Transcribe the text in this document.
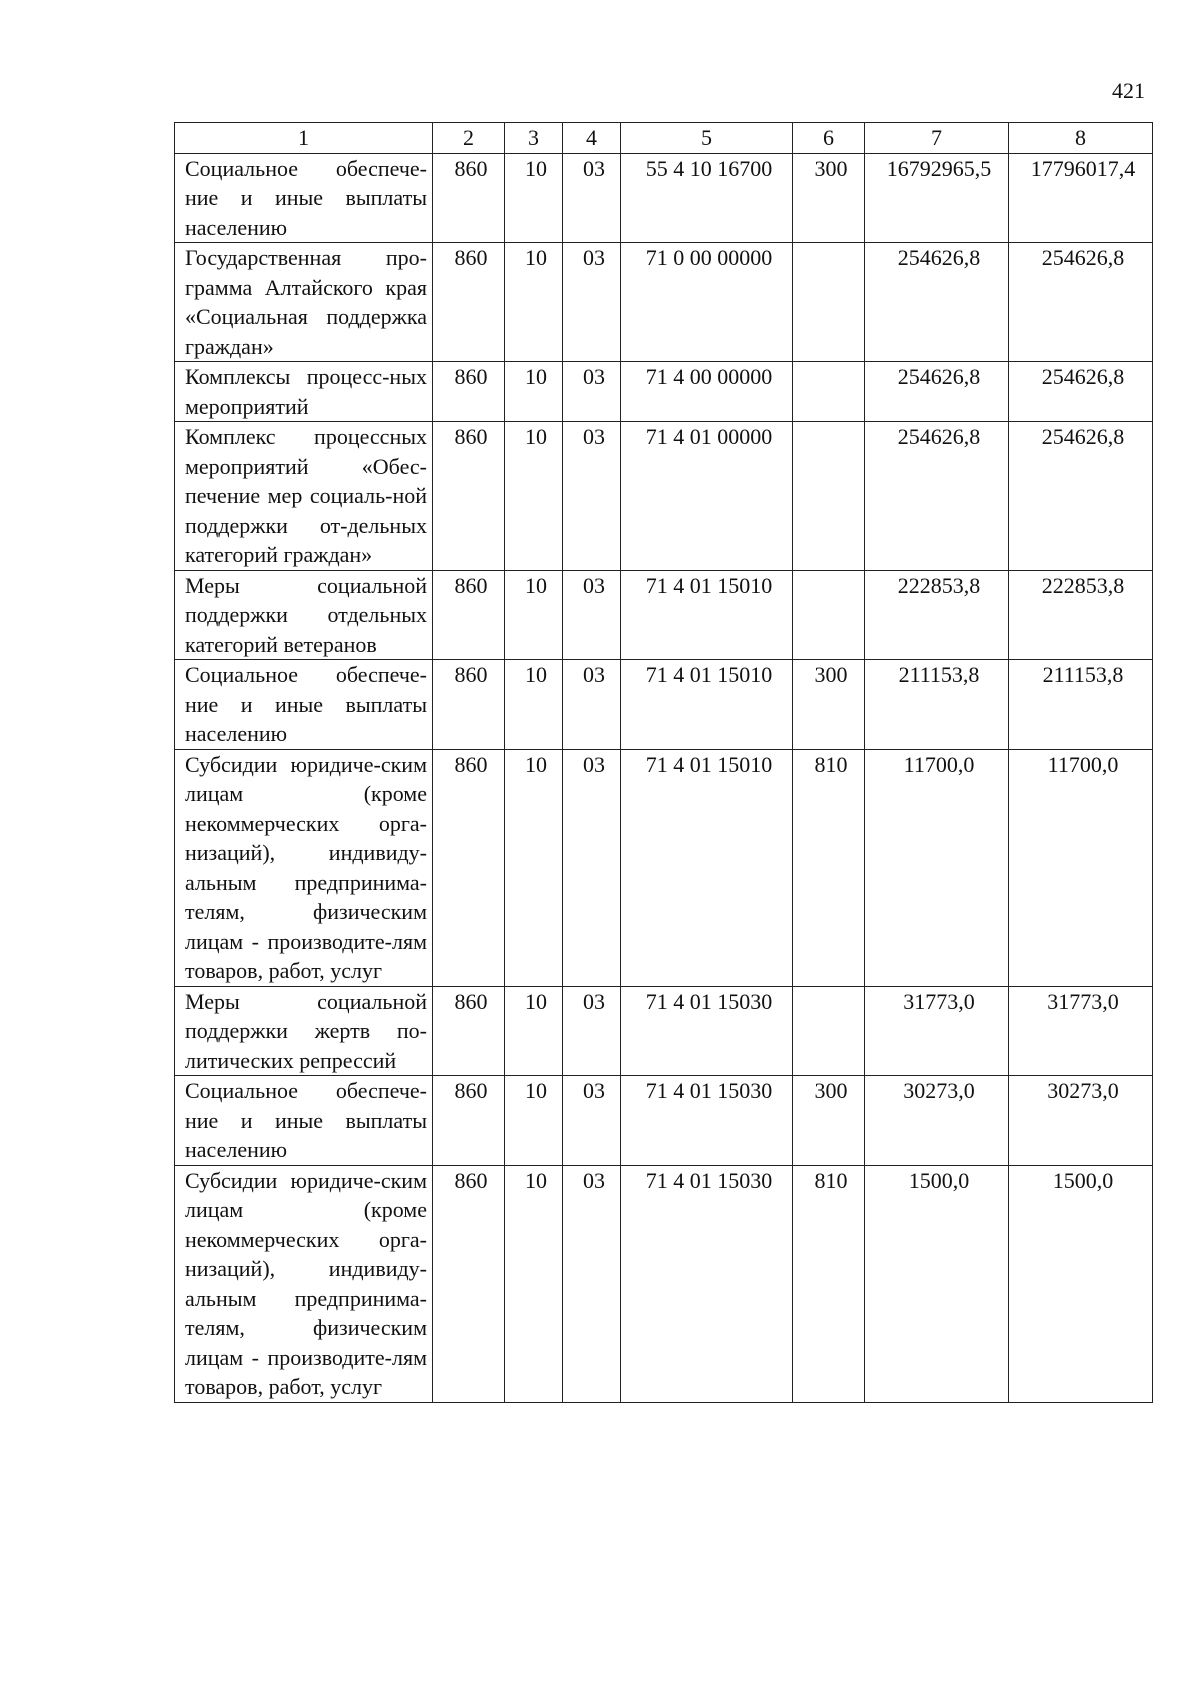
421
1	2	3	4	5	6	7	8
Социальное обеспече-ние и иные выплаты населению	860	10	03	55 4 10 16700	300	16792965,5	17796017,4
Государственная про-грамма Алтайского края «Социальная поддержка граждан»	860	10	03	71 0 00 00000		254626,8	254626,8
Комплексы процесс-ных мероприятий	860	10	03	71 4 00 00000		254626,8	254626,8
Комплекс процессных мероприятий «Обес-печение мер социаль-ной поддержки от-дельных категорий граждан»	860	10	03	71 4 01 00000		254626,8	254626,8
Меры социальной поддержки отдельных категорий ветеранов	860	10	03	71 4 01 15010		222853,8	222853,8
Социальное обеспече-ние и иные выплаты населению	860	10	03	71 4 01 15010	300	211153,8	211153,8
Субсидии юридиче-ским лицам (кроме некоммерческих орга-низаций), индивиду-альным предпринима-телям, физическим лицам - производите-лям товаров, работ, услуг	860	10	03	71 4 01 15010	810	11700,0	11700,0
Меры социальной поддержки жертв по-литических репрессий	860	10	03	71 4 01 15030		31773,0	31773,0
Социальное обеспече-ние и иные выплаты населению	860	10	03	71 4 01 15030	300	30273,0	30273,0
Субсидии юридиче-ским лицам (кроме некоммерческих орга-низаций), индивиду-альным предпринима-телям, физическим лицам - производите-лям товаров, работ, услуг	860	10	03	71 4 01 15030	810	1500,0	1500,0
